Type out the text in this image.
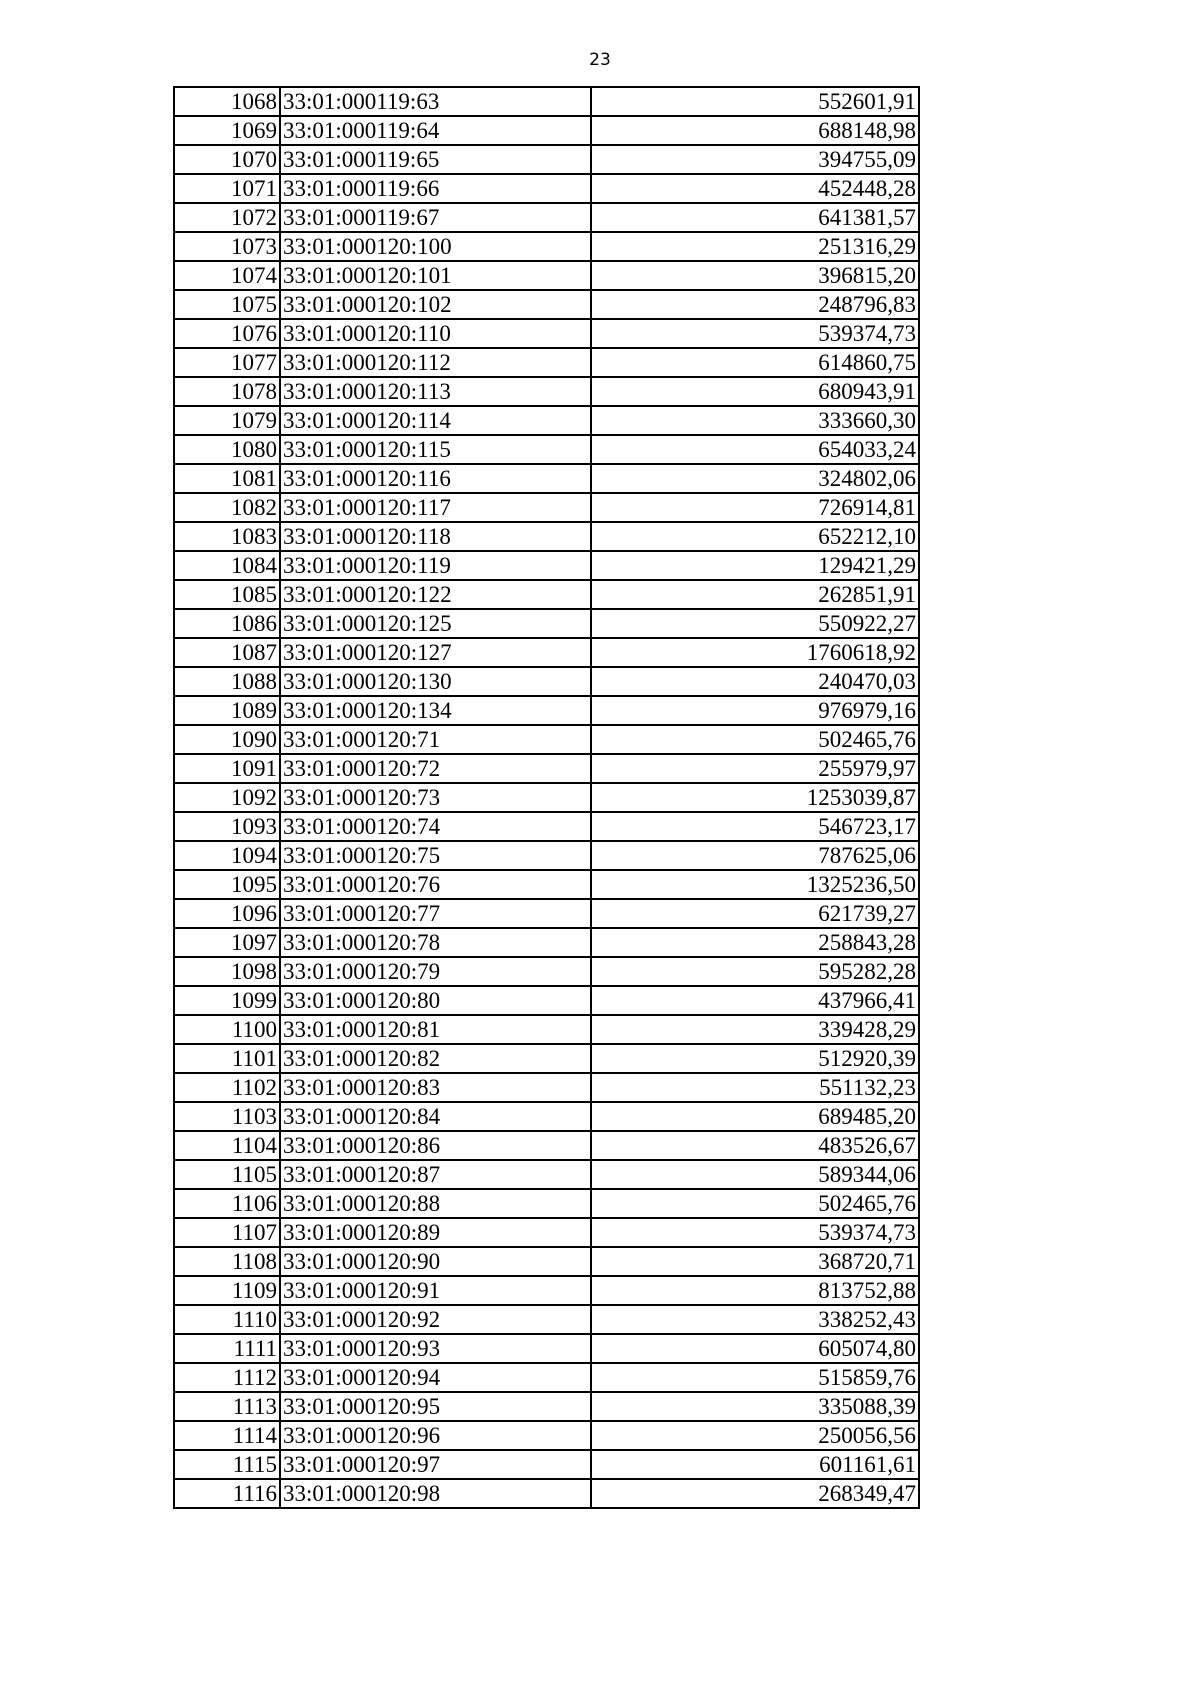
23
1068	33:01:000119:63	552601,91
1069	33:01:000119:64	688148,98
1070	33:01:000119:65	394755,09
1071	33:01:000119:66	452448,28
1072	33:01:000119:67	641381,57
1073	33:01:000120:100	251316,29
1074	33:01:000120:101	396815,20
1075	33:01:000120:102	248796,83
1076	33:01:000120:110	539374,73
1077	33:01:000120:112	614860,75
1078	33:01:000120:113	680943,91
1079	33:01:000120:114	333660,30
1080	33:01:000120:115	654033,24
1081	33:01:000120:116	324802,06
1082	33:01:000120:117	726914,81
1083	33:01:000120:118	652212,10
1084	33:01:000120:119	129421,29
1085	33:01:000120:122	262851,91
1086	33:01:000120:125	550922,27
1087	33:01:000120:127	1760618,92
1088	33:01:000120:130	240470,03
1089	33:01:000120:134	976979,16
1090	33:01:000120:71	502465,76
1091	33:01:000120:72	255979,97
1092	33:01:000120:73	1253039,87
1093	33:01:000120:74	546723,17
1094	33:01:000120:75	787625,06
1095	33:01:000120:76	1325236,50
1096	33:01:000120:77	621739,27
1097	33:01:000120:78	258843,28
1098	33:01:000120:79	595282,28
1099	33:01:000120:80	437966,41
1100	33:01:000120:81	339428,29
1101	33:01:000120:82	512920,39
1102	33:01:000120:83	551132,23
1103	33:01:000120:84	689485,20
1104	33:01:000120:86	483526,67
1105	33:01:000120:87	589344,06
1106	33:01:000120:88	502465,76
1107	33:01:000120:89	539374,73
1108	33:01:000120:90	368720,71
1109	33:01:000120:91	813752,88
1110	33:01:000120:92	338252,43
1111	33:01:000120:93	605074,80
1112	33:01:000120:94	515859,76
1113	33:01:000120:95	335088,39
1114	33:01:000120:96	250056,56
1115	33:01:000120:97	601161,61
1116	33:01:000120:98	268349,47
